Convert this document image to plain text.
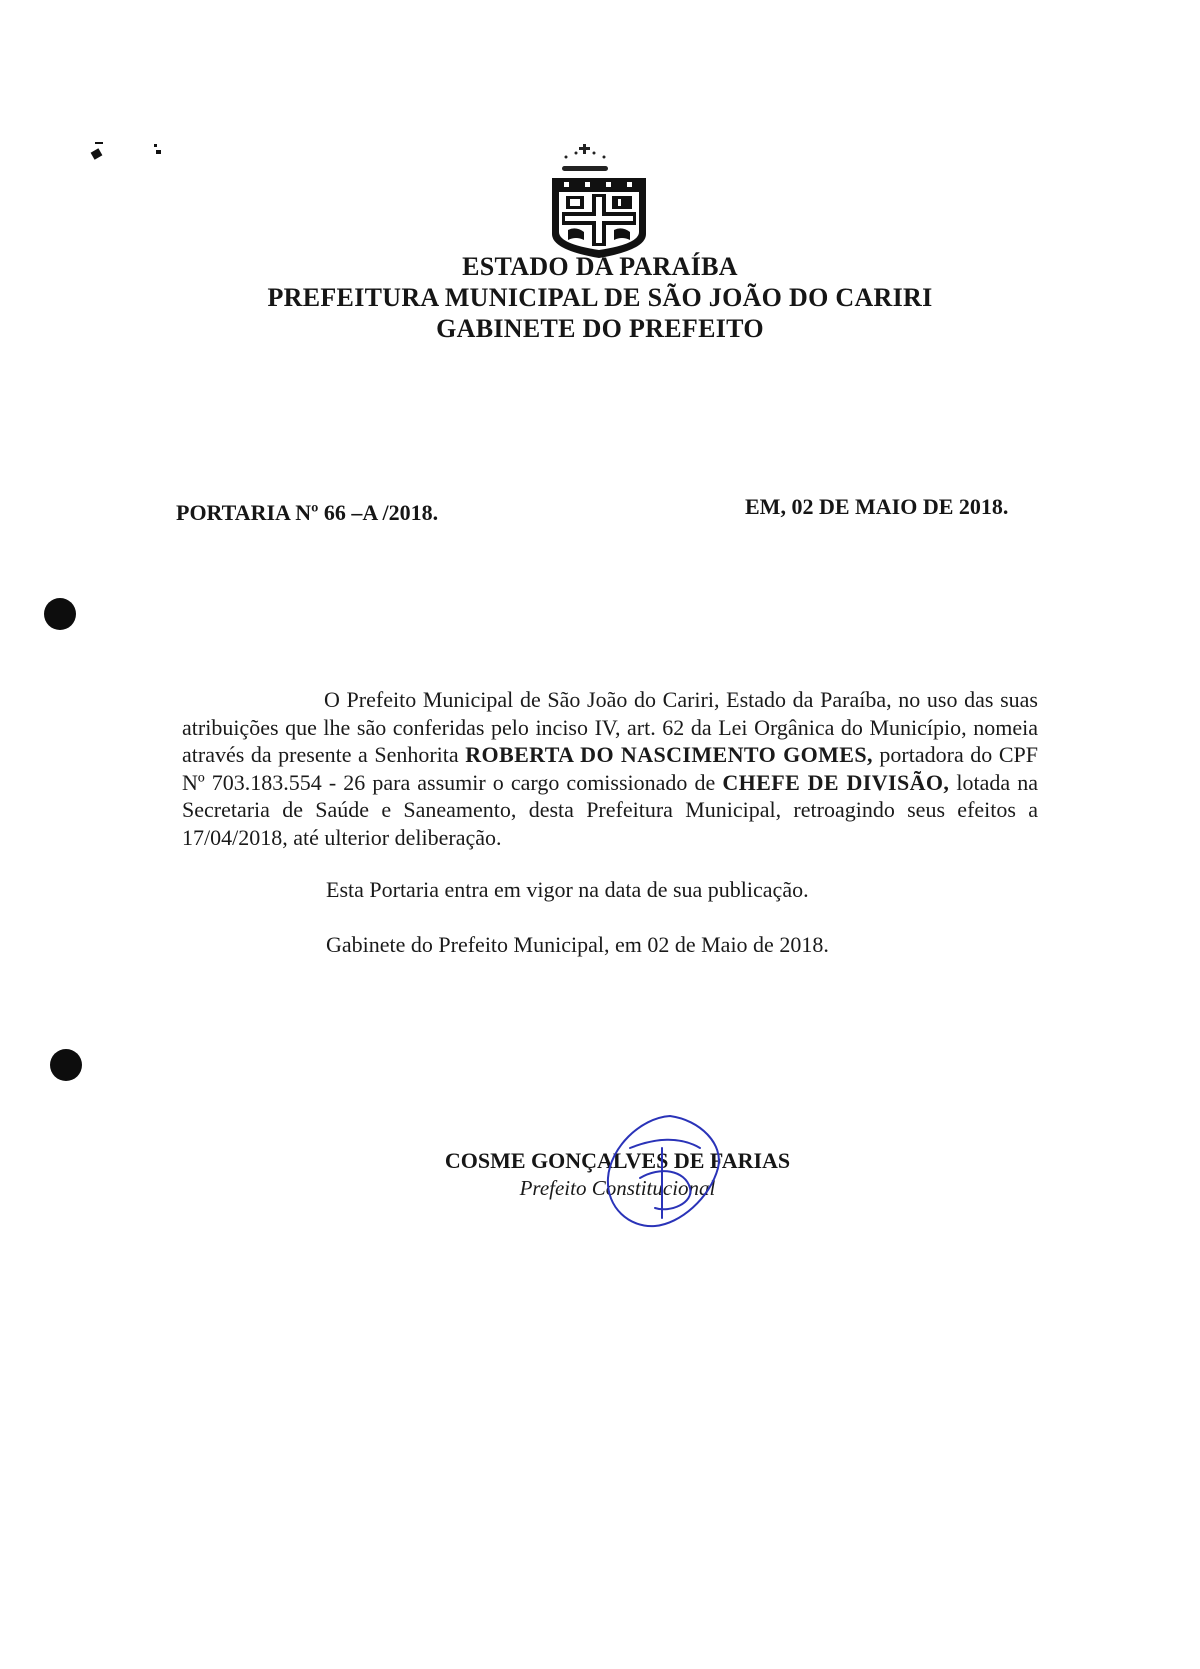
ESTADO DA PARAÍBA
PREFEITURA MUNICIPAL DE SÃO JOÃO DO CARIRI
GABINETE DO PREFEITO
PORTARIA Nº 66 –A /2018.	EM, 02 DE MAIO DE 2018.
O Prefeito Municipal de São João do Cariri, Estado da Paraíba, no uso das suas atribuições que lhe são conferidas pelo inciso IV, art. 62 da Lei Orgânica do Município, nomeia através da presente a Senhorita ROBERTA DO NASCIMENTO GOMES, portadora do CPF Nº 703.183.554 - 26 para assumir o cargo comissionado de CHEFE DE DIVISÃO, lotada na Secretaria de Saúde e Saneamento, desta Prefeitura Municipal, retroagindo seus efeitos a 17/04/2018, até ulterior deliberação.
Esta Portaria entra em vigor na data de sua publicação.
Gabinete do Prefeito Municipal, em 02 de Maio de 2018.
COSME GONÇALVES DE FARIAS
Prefeito Constitucional
